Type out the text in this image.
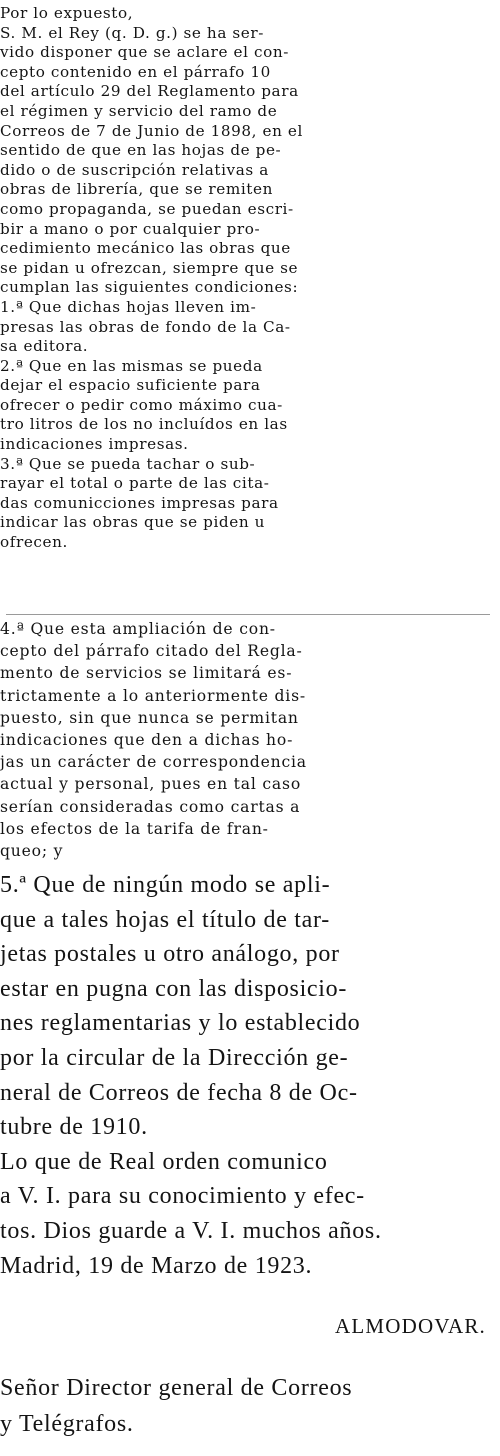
Por lo expuesto,
S. M. el Rey (q. D. g.) se ha ser-
vido disponer que se aclare el con-
cepto contenido en el párrafo 10
del artículo 29 del Reglamento para
el régimen y servicio del ramo de
Correos de 7 de Junio de 1898, en el
sentido de que en las hojas de pe-
dido o de suscripción relativas a
obras de librería, que se remiten
como propaganda, se puedan escri-
bir a mano o por cualquier pro-
cedimiento mecánico las obras que
se pidan u ofrezcan, siempre que se
cumplan las siguientes condiciones:
1.ª Que dichas hojas lleven im-
presas las obras de fondo de la Ca-
sa editora.
2.ª Que en las mismas se pueda
dejar el espacio suficiente para
ofrecer o pedir como máximo cua-
tro litros de los no incluídos en las
indicaciones impresas.
3.ª Que se pueda tachar o sub-
rayar el total o parte de las cita-
das comunicciones impresas para
indicar las obras que se piden u
ofrecen.
4.ª Que esta ampliación de con-
cepto del párrafo citado del Regla-
mento de servicios se limitará es-
trictamente a lo anteriormente dis-
puesto, sin que nunca se permitan
indicaciones que den a dichas ho-
jas un carácter de correspondencia
actual y personal, pues en tal caso
serían consideradas como cartas a
los efectos de la tarifa de fran-
queo; y
5.ª Que de ningún modo se apli-
que a tales hojas el título de tar-
jetas postales u otro análogo, por
estar en pugna con las disposicio-
nes reglamentarias y lo establecido
por la circular de la Dirección ge-
neral de Correos de fecha 8 de Oc-
tubre de 1910.
Lo que de Real orden comunico
a V. I. para su conocimiento y efec-
tos. Dios guarde a V. I. muchos años.
Madrid, 19 de Marzo de 1923.
ALMODOVAR.
Señor Director general de Correos
y Telégrafos.
